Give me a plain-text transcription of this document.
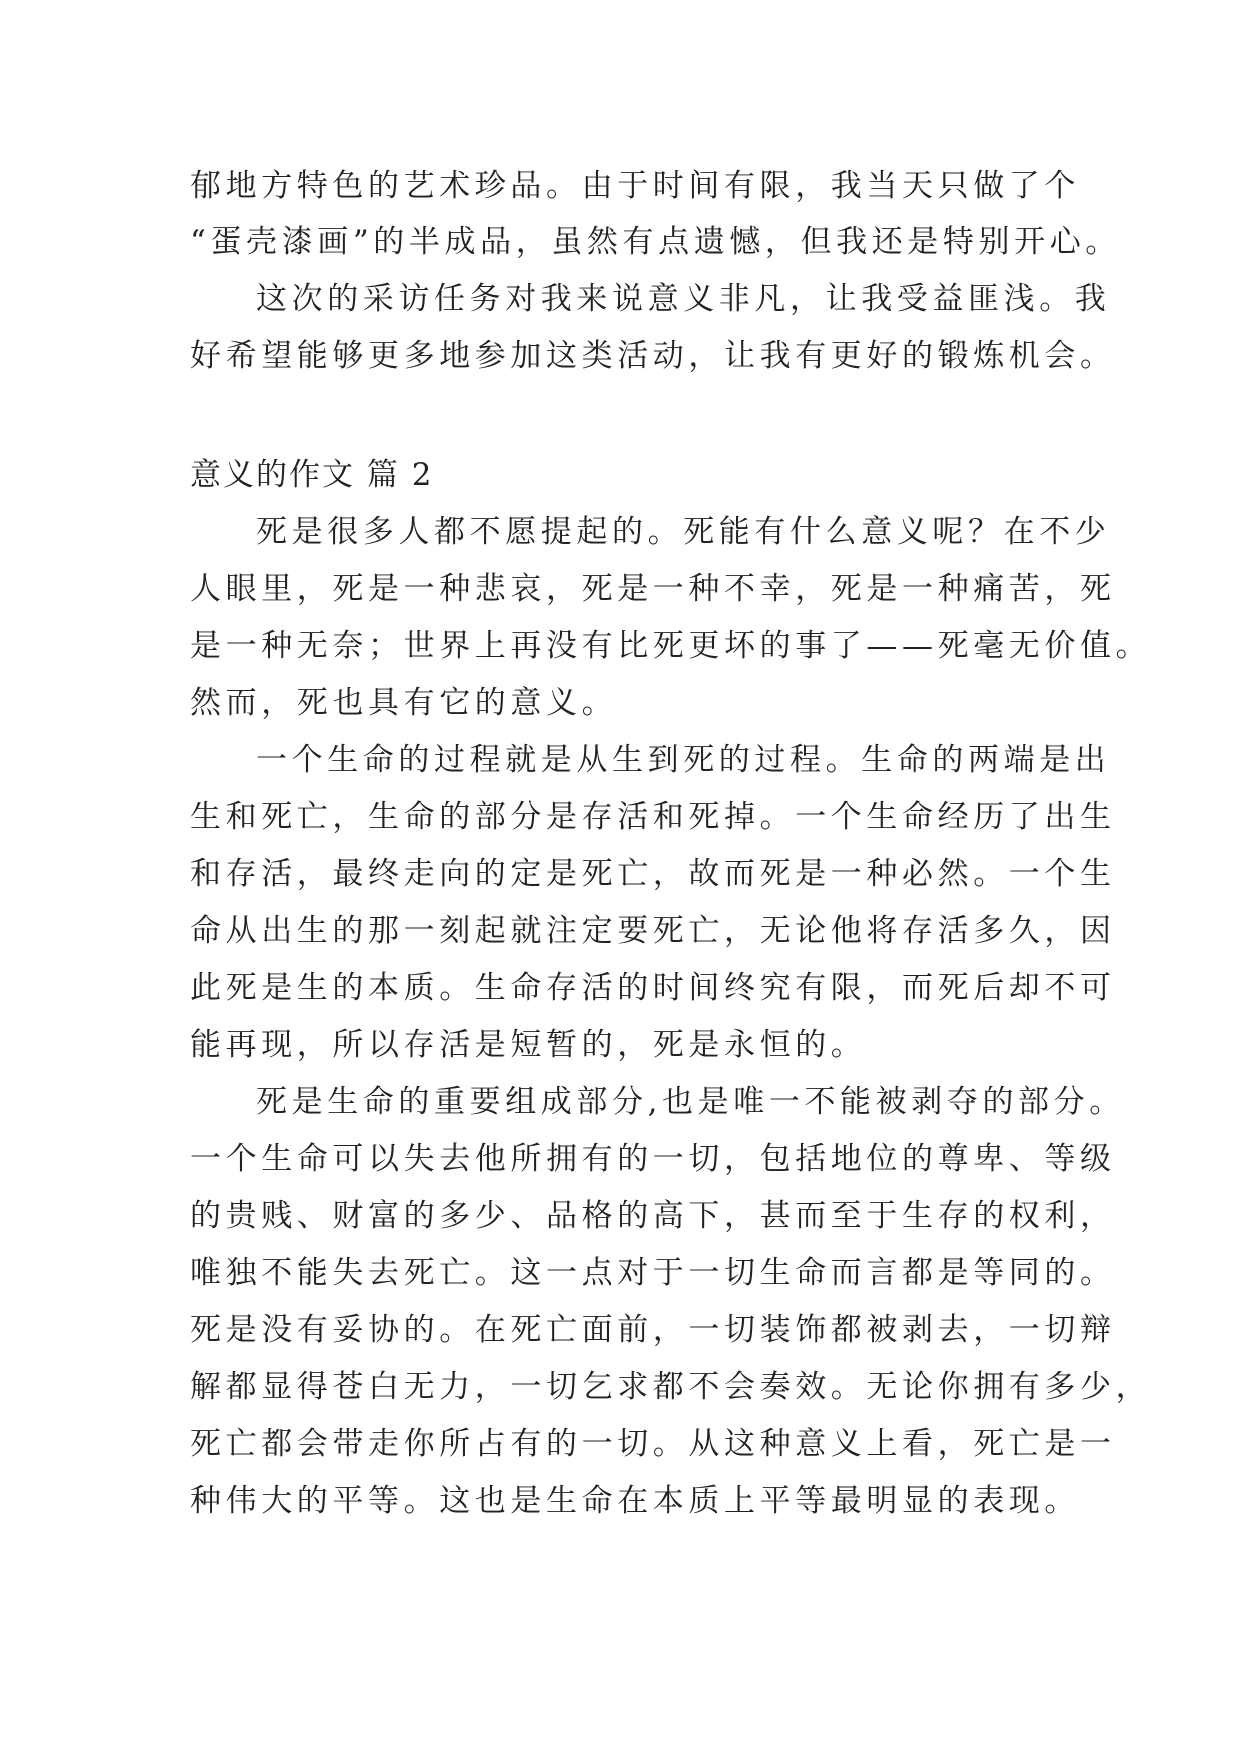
郁地方特色的艺术珍品。由于时间有限，我当天只做了个

“蛋壳漆画”的半成品，虽然有点遗憾，但我还是特别开心。

这次的采访任务对我来说意义非凡，让我受益匪浅。我

好希望能够更多地参加这类活动，让我有更好的锻炼机会。

意义的作文 篇 2

死是很多人都不愿提起的。死能有什么意义呢？在不少

人眼里，死是一种悲哀，死是一种不幸，死是一种痛苦，死

是一种无奈；世界上再没有比死更坏的事了——死毫无价值。

然而，死也具有它的意义。

一个生命的过程就是从生到死的过程。生命的两端是出

生和死亡，生命的部分是存活和死掉。一个生命经历了出生

和存活，最终走向的定是死亡，故而死是一种必然。一个生

命从出生的那一刻起就注定要死亡，无论他将存活多久，因

此死是生的本质。生命存活的时间终究有限，而死后却不可

能再现，所以存活是短暂的，死是永恒的。

死是生命的重要组成部分,也是唯一不能被剥夺的部分。

一个生命可以失去他所拥有的一切，包括地位的尊卑、等级

的贵贱、财富的多少、品格的高下，甚而至于生存的权利，

唯独不能失去死亡。这一点对于一切生命而言都是等同的。

死是没有妥协的。在死亡面前，一切装饰都被剥去，一切辩

解都显得苍白无力，一切乞求都不会奏效。无论你拥有多少，

死亡都会带走你所占有的一切。从这种意义上看，死亡是一

种伟大的平等。这也是生命在本质上平等最明显的表现。
